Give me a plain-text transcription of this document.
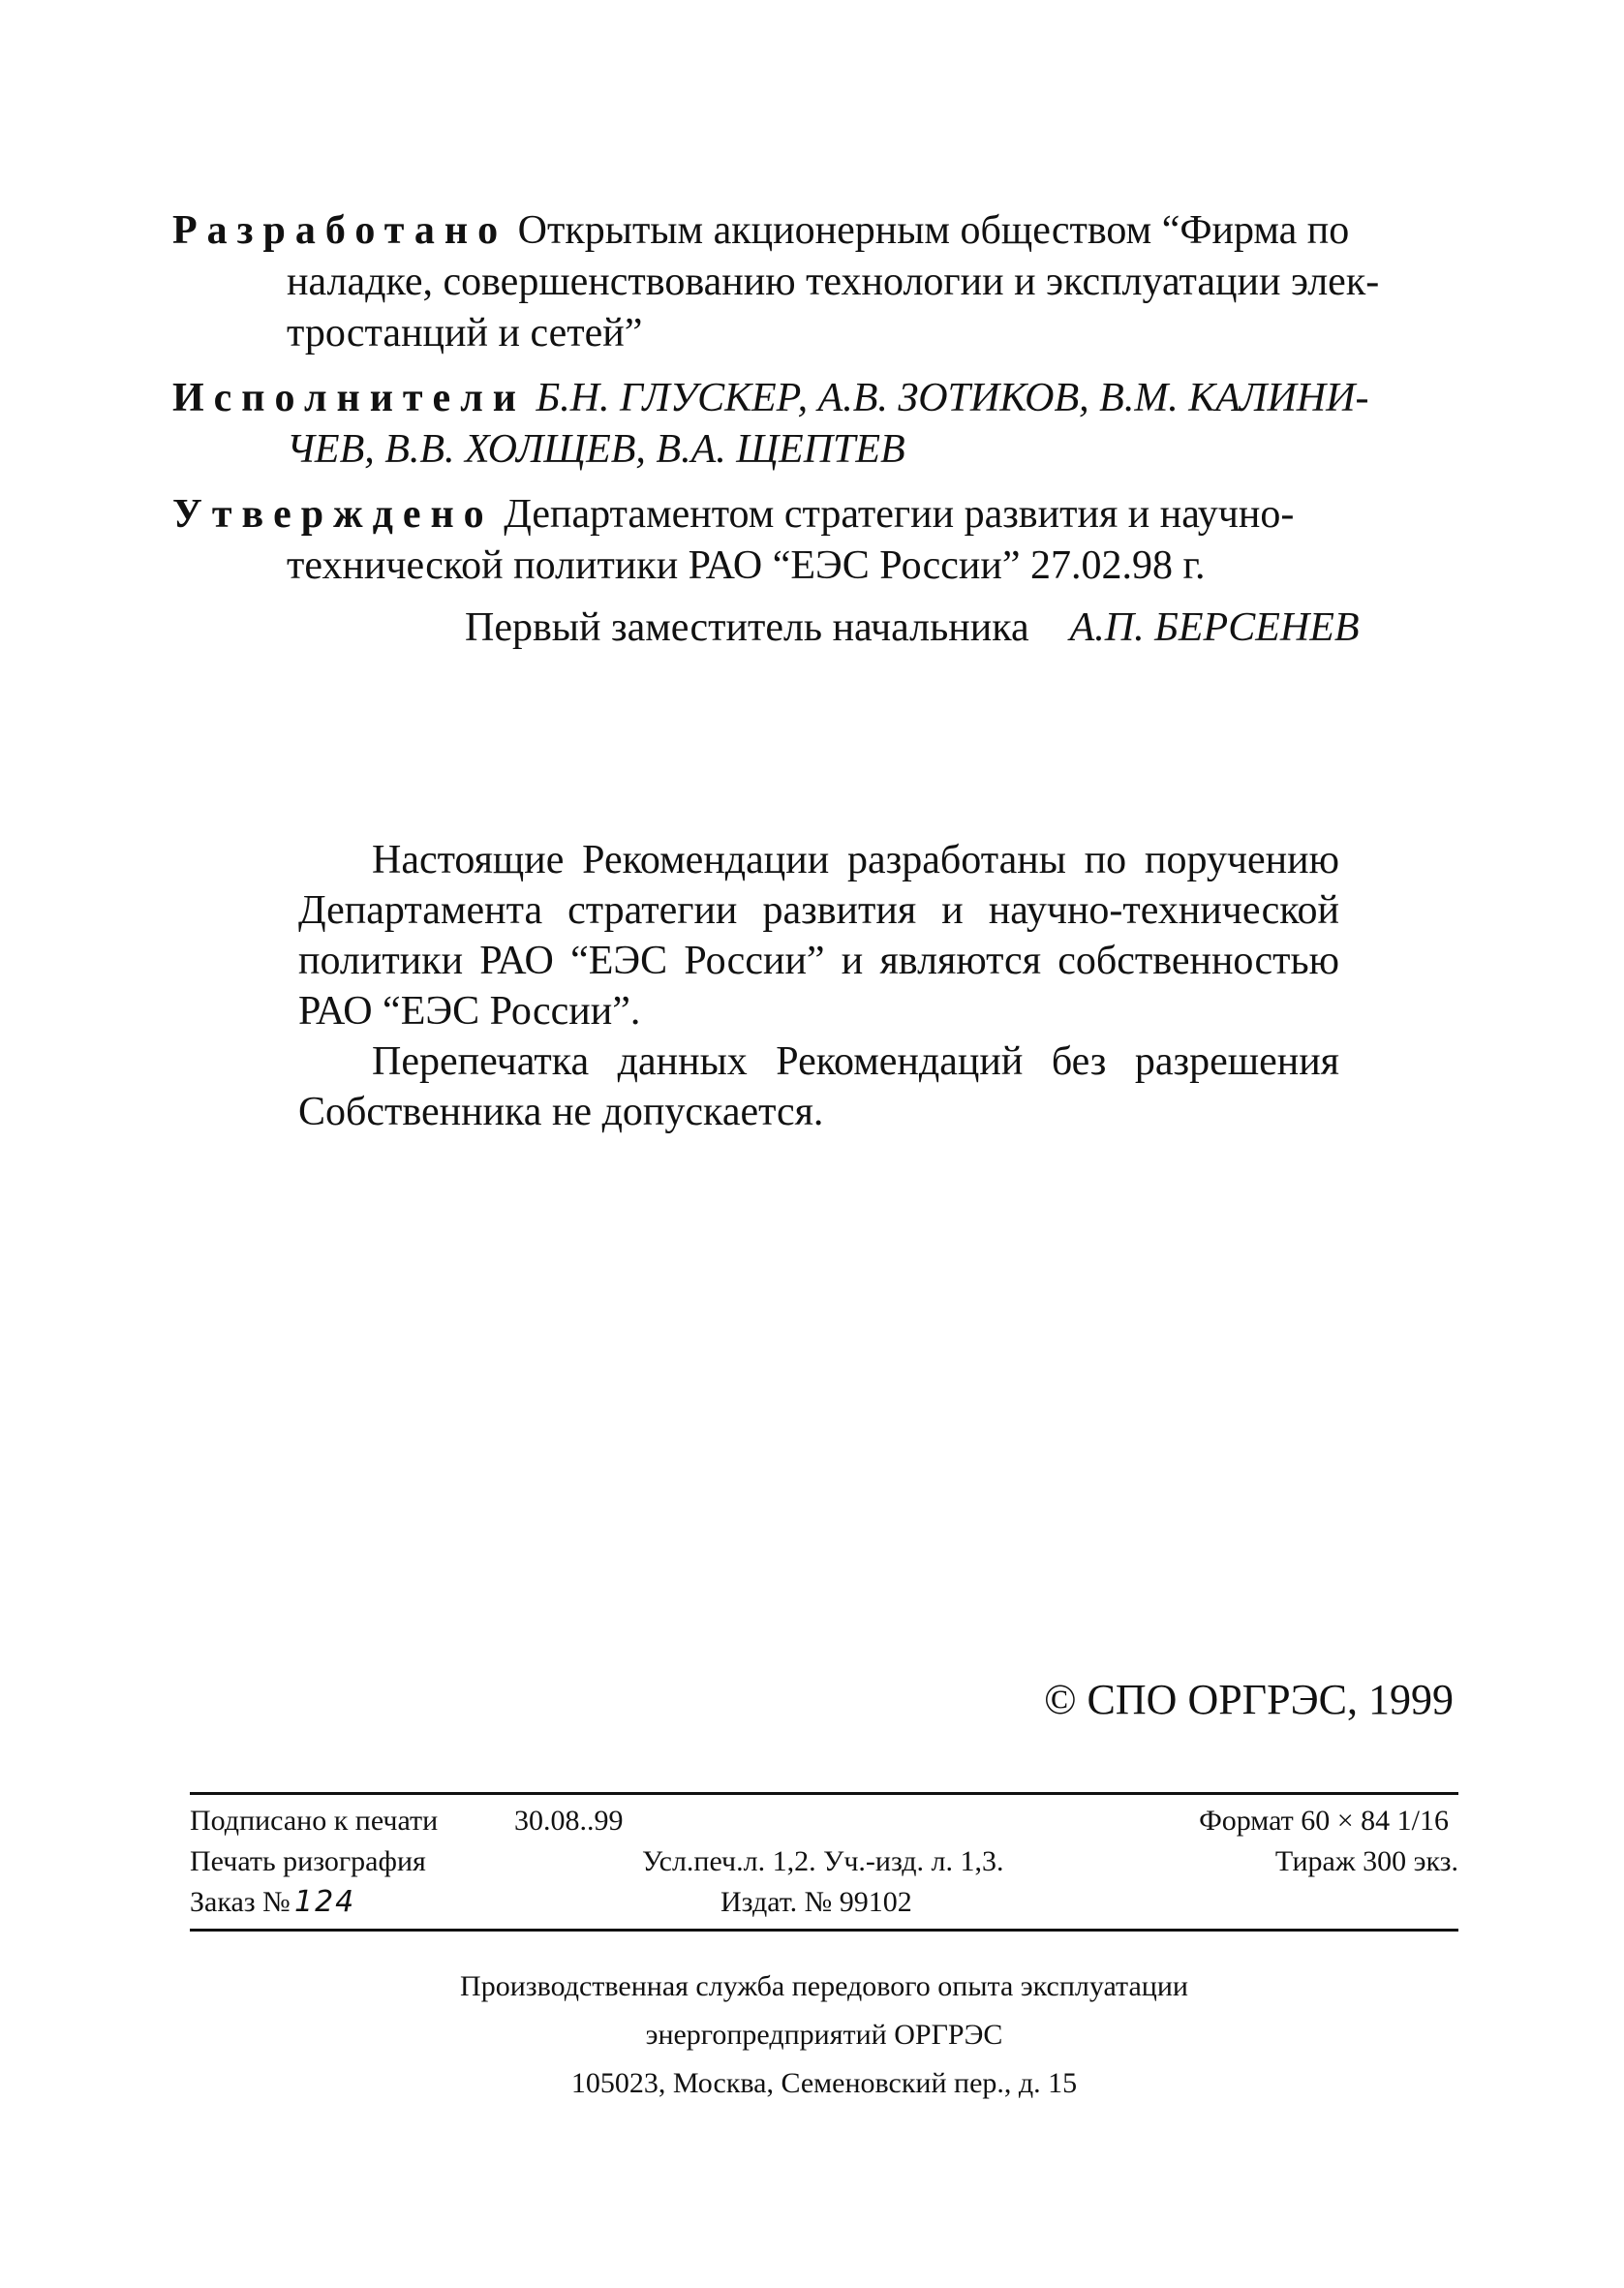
Разработано Открытым акционерным обществом “Фирма по
наладке, совершенствованию технологии и эксплуатации элек-
тростанций и сетей”
Исполнители Б.Н. ГЛУСКЕР, А.В. ЗОТИКОВ, В.М. КАЛИНИ-
ЧЕВ, В.В. ХОЛЩЕВ, В.А. ЩЕПТЕВ
Утверждено Департаментом стратегии развития и научно-
технической политики РАО “ЕЭС России” 27.02.98 г.
Первый заместитель начальника А.П. БЕРСЕНЕВ

Настоящие Рекомендации разработаны по поручению Департамента стратегии развития и научно-технической политики РАО “ЕЭС России” и являются собственностью РАО “ЕЭС России”.

Перепечатка данных Рекомендаций без разрешения Собственника не допускается.

© СПО ОРГРЭС, 1999
Подписано к печати	30.08..99	Формат 60 × 84 1/16
Печать ризография	Усл.печ.л. 1,2. Уч.-изд. л. 1,3.	Тираж 300 экз.
Заказ № 124	Издат. № 99102
Производственная служба передового опыта эксплуатации
энергопредприятий ОРГРЭС
105023, Москва, Семеновский пер., д. 15
